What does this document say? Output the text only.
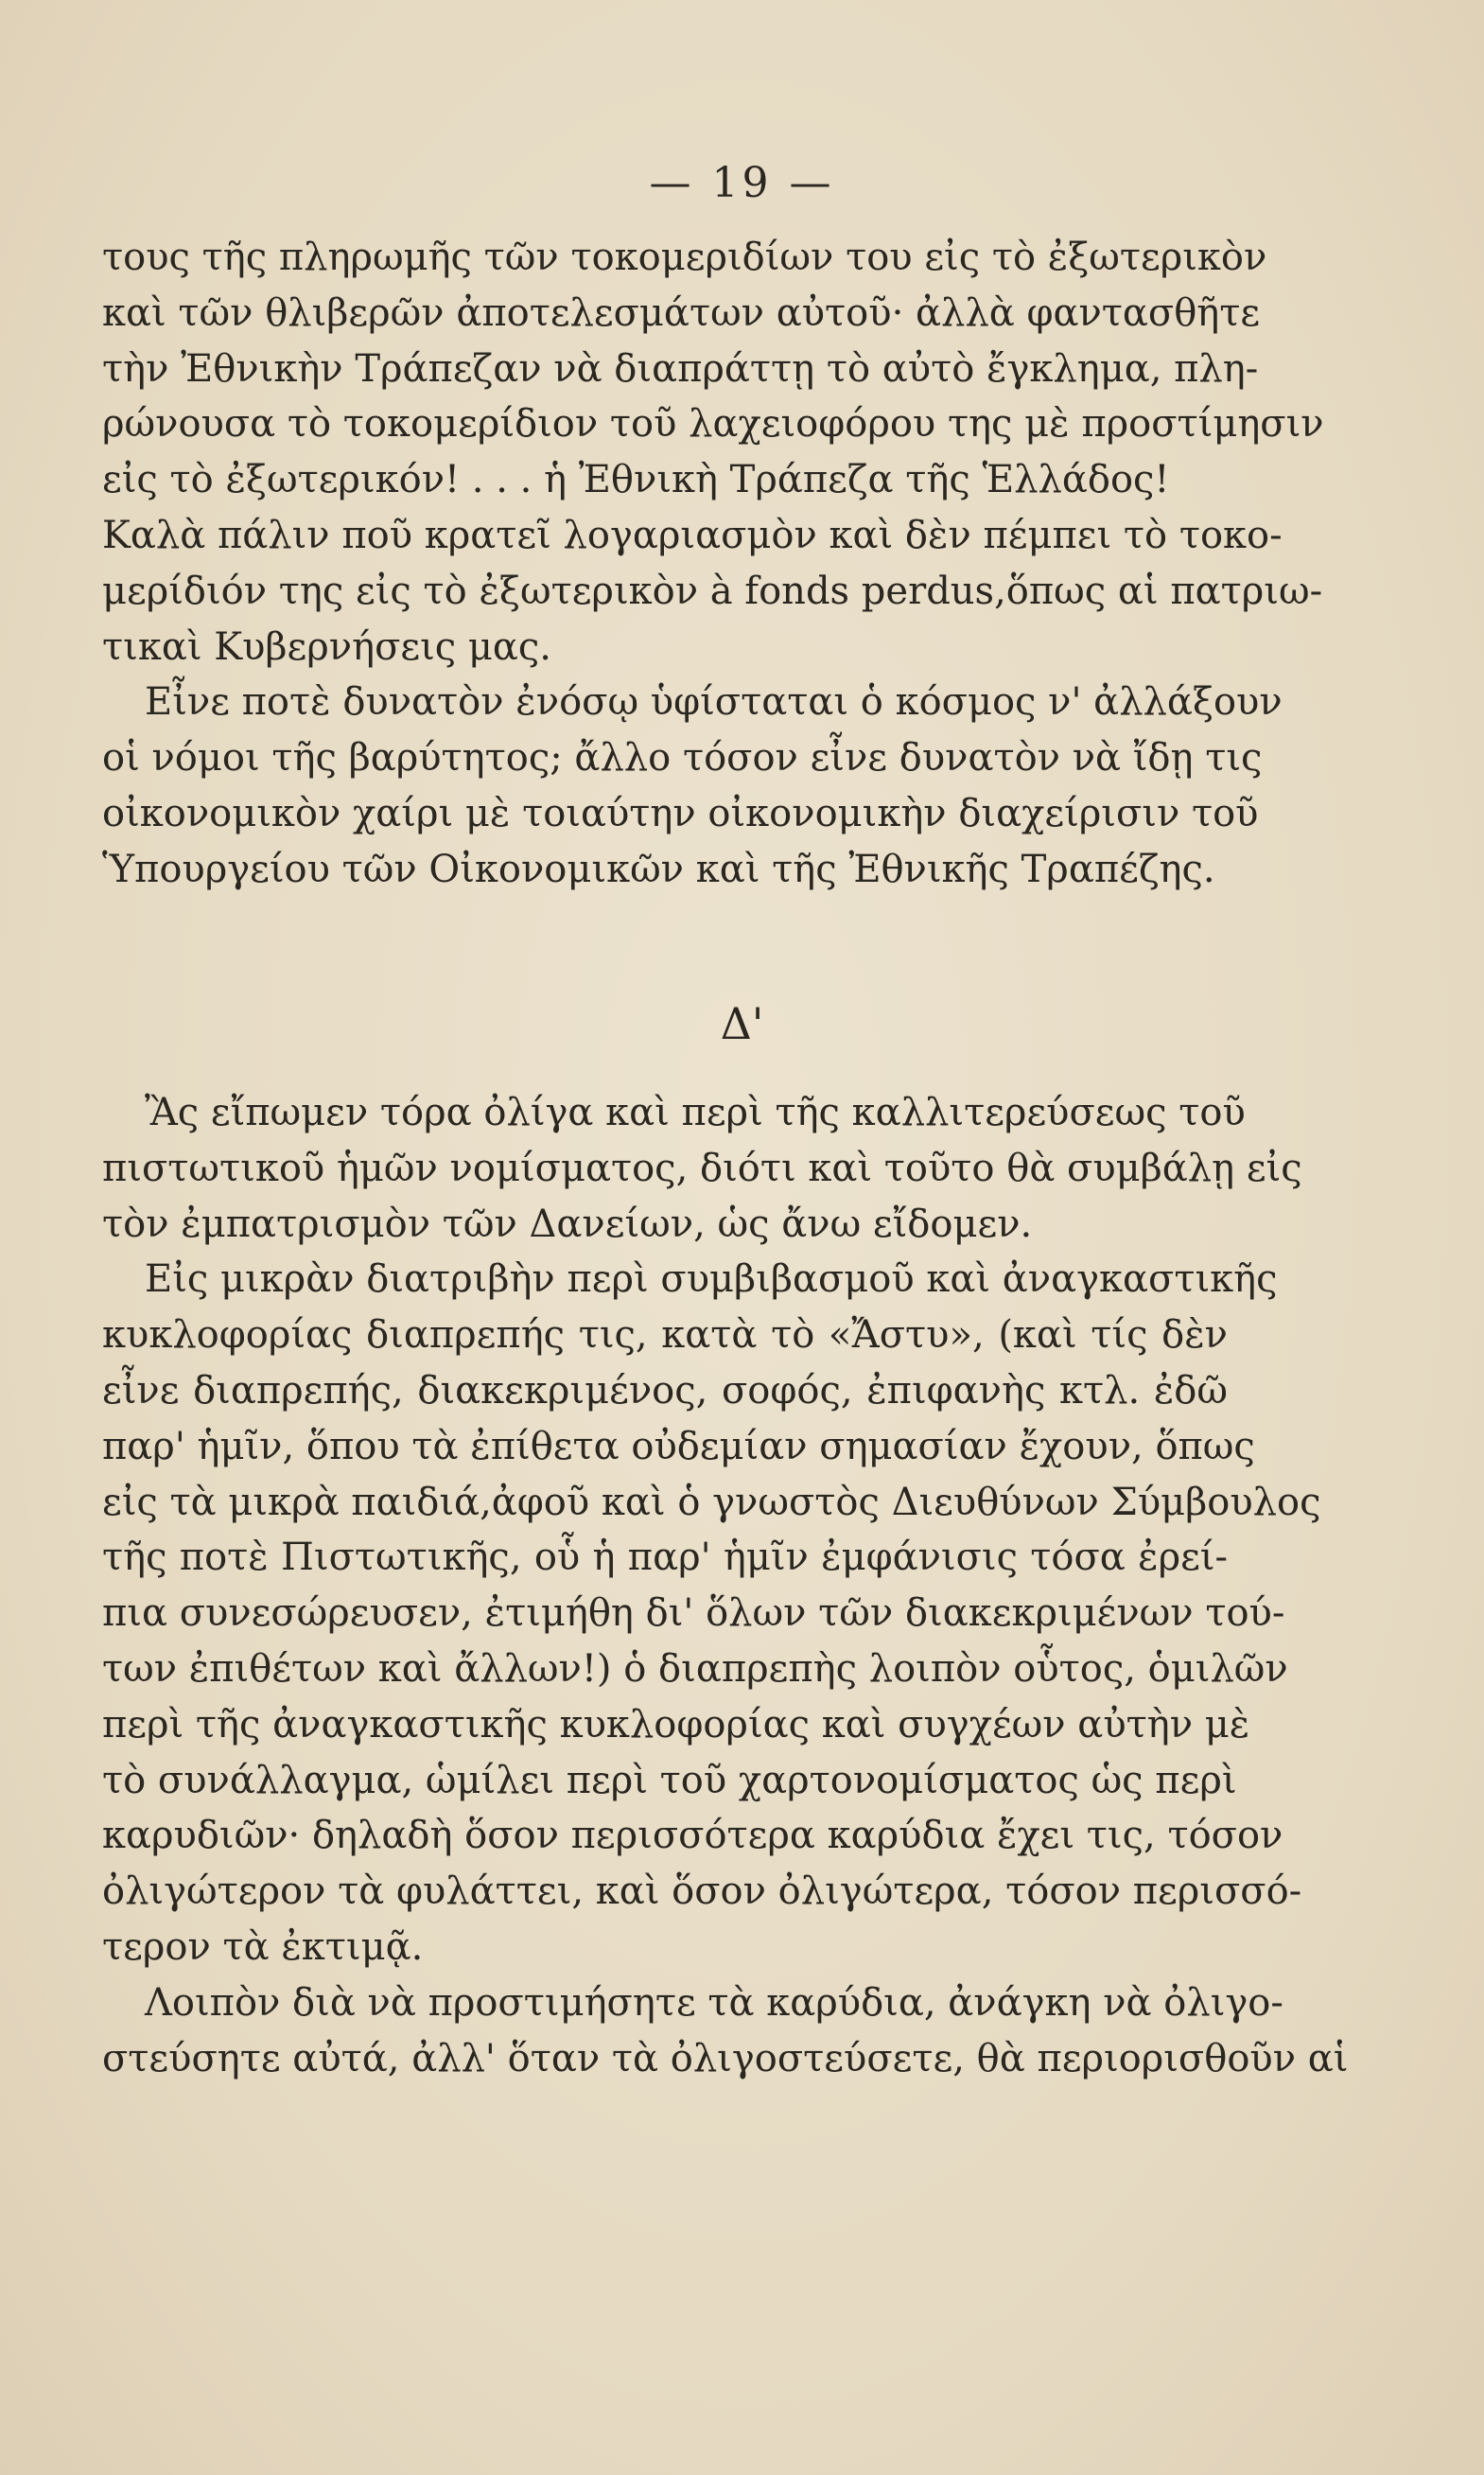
— 19 —
τους τῆς πληρωμῆς τῶν τοκομεριδίων του εἰς τὸ ἐξωτερικὸν
καὶ τῶν θλιβερῶν ἀποτελεσμάτων αὐτοῦ· ἀλλὰ φαντασθῆτε
τὴν Ἐθνικὴν Τράπεζαν νὰ διαπράττῃ τὸ αὐτὸ ἔγκλημα, πλη-
ρώνουσα τὸ τοκομερίδιον τοῦ λαχειοφόρου της μὲ προστίμησιν
εἰς τὸ ἐξωτερικόν! . . . ἡ Ἐθνικὴ Τράπεζα τῆς Ἑλλάδος!
Καλὰ πάλιν ποῦ κρατεῖ λογαριασμὸν καὶ δὲν πέμπει τὸ τοκο-
μερίδιόν της εἰς τὸ ἐξωτερικὸν à fonds perdus,ὅπως αἱ πατριω-
τικαὶ Κυβερνήσεις μας.
Εἶνε ποτὲ δυνατὸν ἐνόσῳ ὑφίσταται ὁ κόσμος ν' ἀλλάξουν
οἱ νόμοι τῆς βαρύτητος; ἄλλο τόσον εἶνε δυνατὸν νὰ ἴδῃ τις
οἰκονομικὸν χαίρι μὲ τοιαύτην οἰκονομικὴν διαχείρισιν τοῦ
Ὑπουργείου τῶν Οἰκονομικῶν καὶ τῆς Ἐθνικῆς Τραπέζης.
Δ'
Ἂς εἴπωμεν τόρα ὀλίγα καὶ περὶ τῆς καλλιτερεύσεως τοῦ
πιστωτικοῦ ἡμῶν νομίσματος, διότι καὶ τοῦτο θὰ συμβάλῃ εἰς
τὸν ἐμπατρισμὸν τῶν Δανείων, ὡς ἄνω εἴδομεν.
Εἰς μικρὰν διατριβὴν περὶ συμβιβασμοῦ καὶ ἀναγκαστικῆς
κυκλοφορίας διαπρεπής τις, κατὰ τὸ «Ἄστυ», (καὶ τίς δὲν
εἶνε διαπρεπής, διακεκριμένος, σοφός, ἐπιφανὴς κτλ. ἐδῶ
παρ' ἡμῖν, ὅπου τὰ ἐπίθετα οὐδεμίαν σημασίαν ἔχουν, ὅπως
εἰς τὰ μικρὰ παιδιά,ἀφοῦ καὶ ὁ γνωστὸς Διευθύνων Σύμβουλος
τῆς ποτὲ Πιστωτικῆς, οὗ ἡ παρ' ἡμῖν ἐμφάνισις τόσα ἐρεί-
πια συνεσώρευσεν, ἐτιμήθη δι' ὅλων τῶν διακεκριμένων τού-
των ἐπιθέτων καὶ ἄλλων!) ὁ διαπρεπὴς λοιπὸν οὗτος, ὁμιλῶν
περὶ τῆς ἀναγκαστικῆς κυκλοφορίας καὶ συγχέων αὐτὴν μὲ
τὸ συνάλλαγμα, ὡμίλει περὶ τοῦ χαρτονομίσματος ὡς περὶ
καρυδιῶν· δηλαδὴ ὅσον περισσότερα καρύδια ἔχει τις, τόσον
ὀλιγώτερον τὰ φυλάττει, καὶ ὅσον ὀλιγώτερα, τόσον περισσό-
τερον τὰ ἐκτιμᾷ.
Λοιπὸν διὰ νὰ προστιμήσητε τὰ καρύδια, ἀνάγκη νὰ ὀλιγο-
στεύσητε αὐτά, ἀλλ' ὅταν τὰ ὀλιγοστεύσετε, θὰ περιορισθοῦν αἱ
